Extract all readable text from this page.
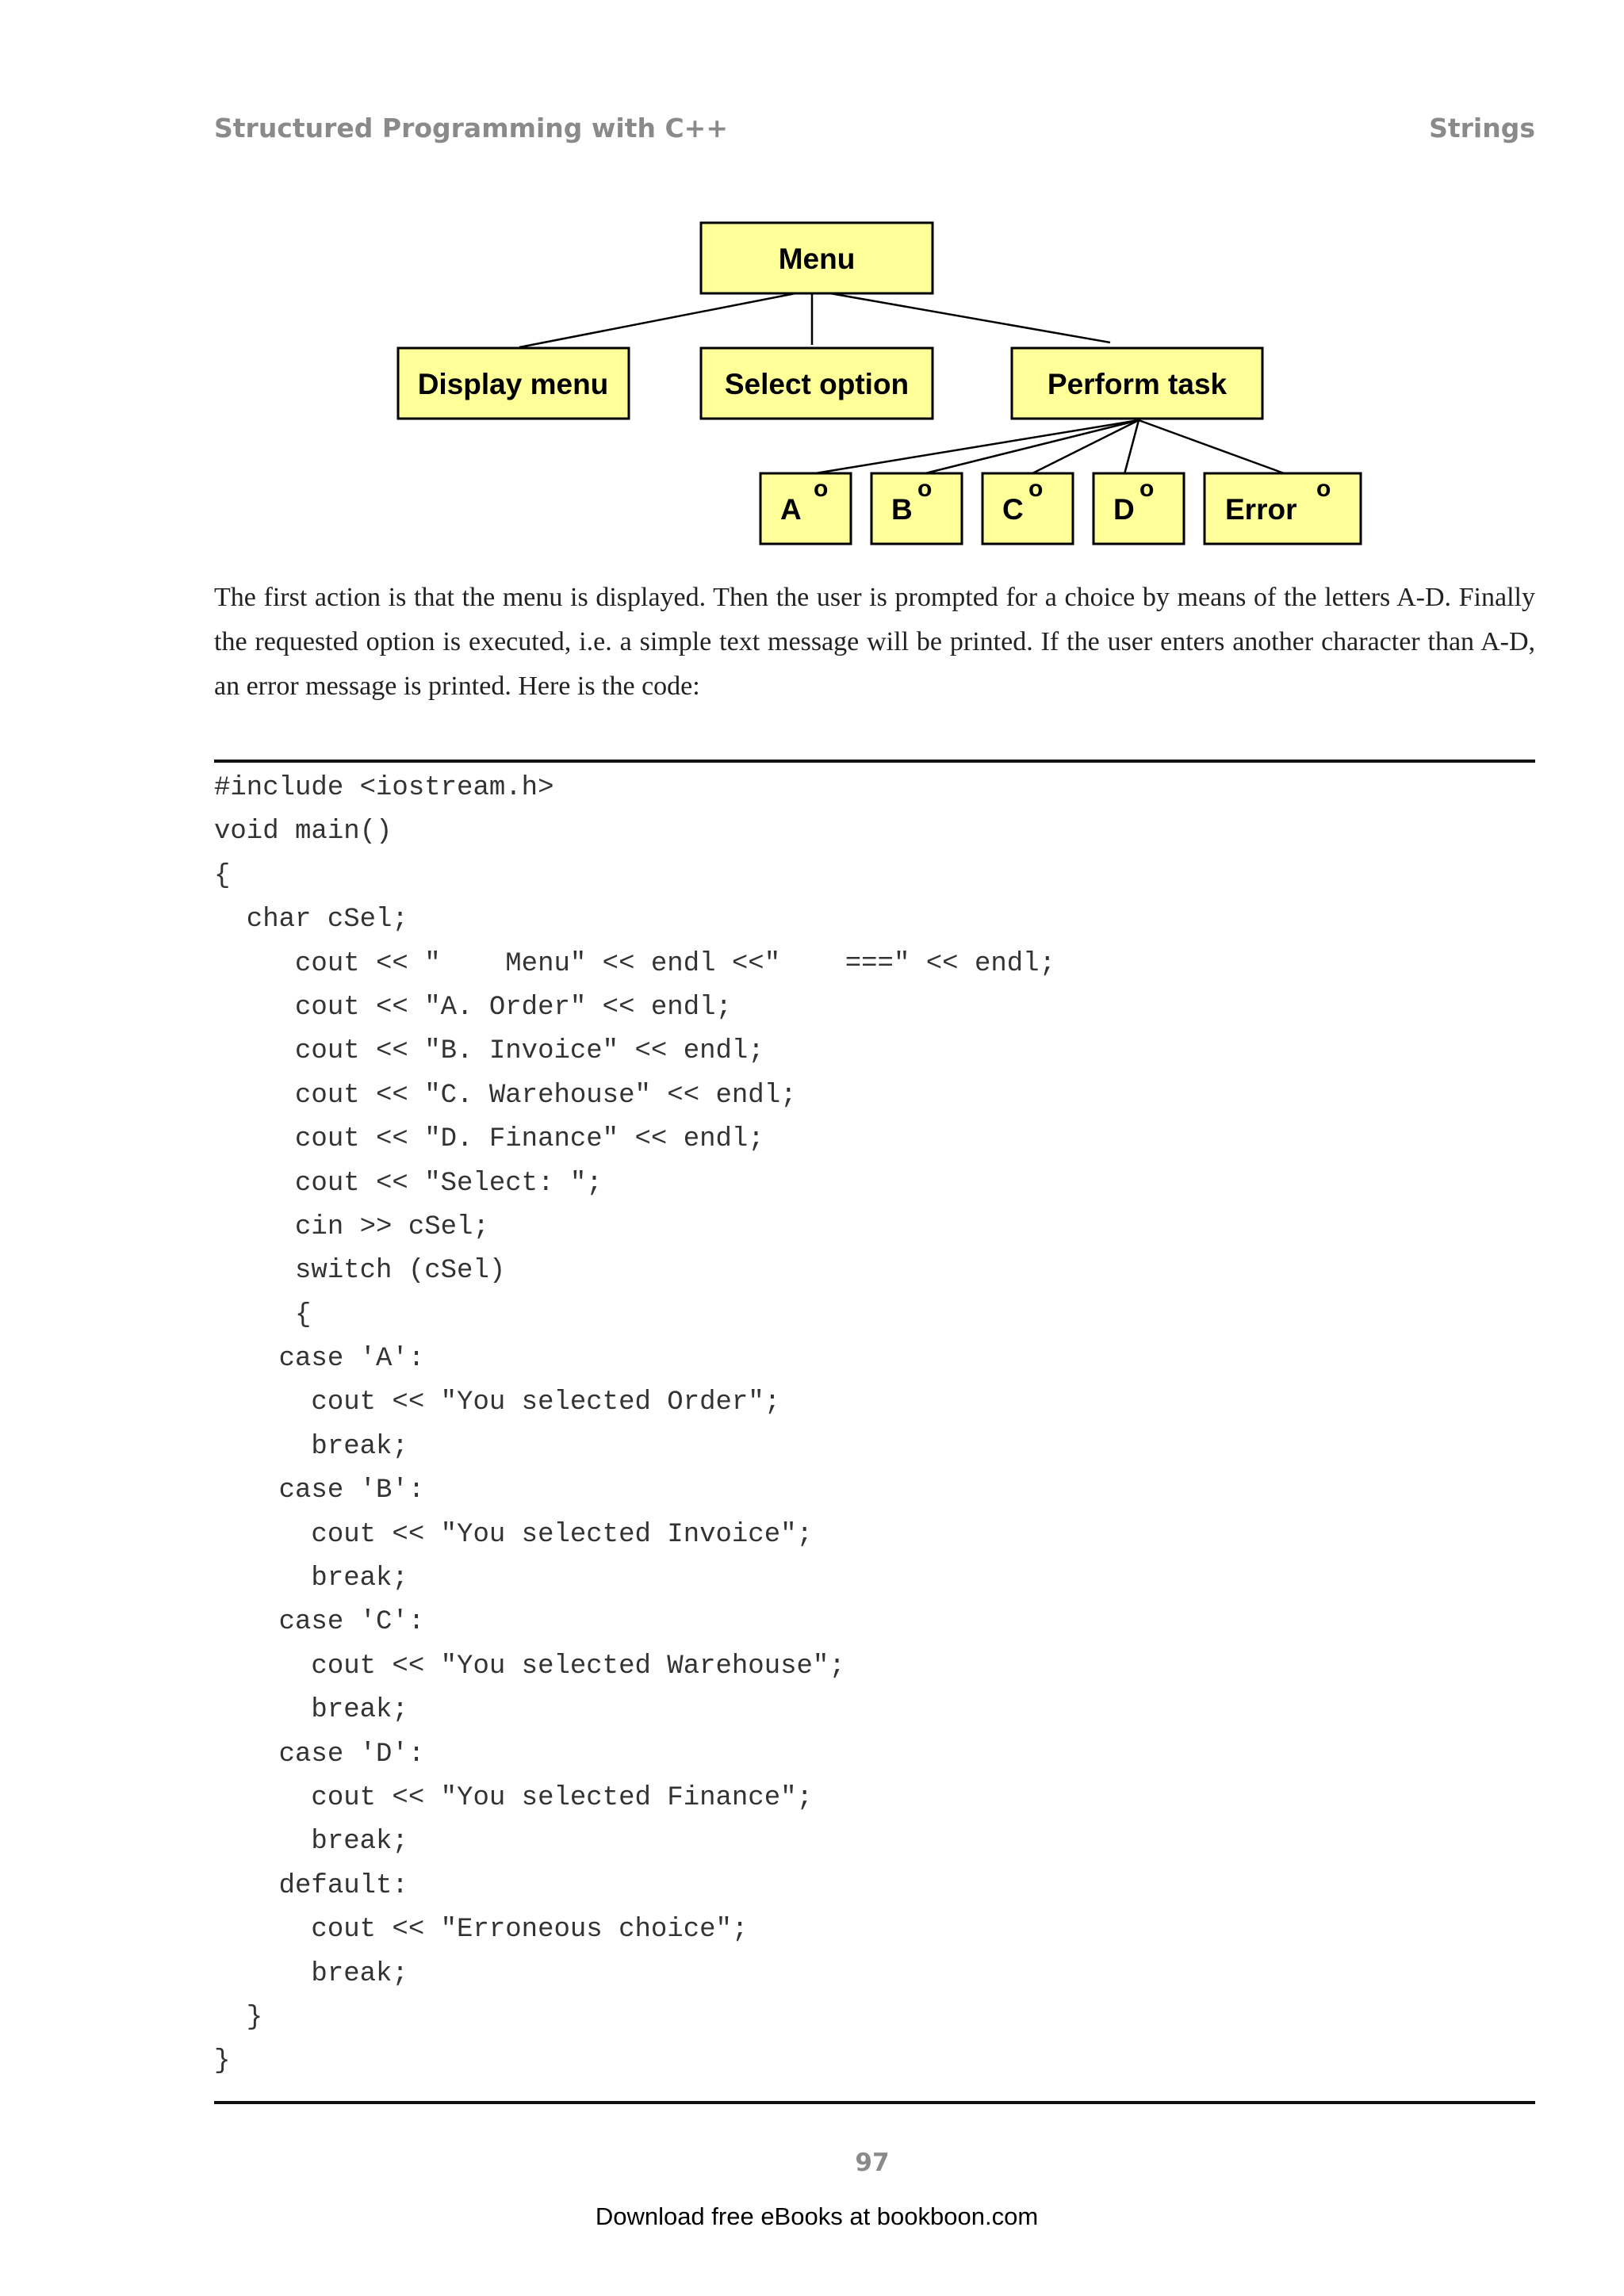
Structured Programming with C++	Strings
Menu
Display menu	Select option	Perform task
A
o
B
o
C
o
D
o
Error
o

The first action is that the menu is displayed. Then the user is prompted for a choice by means of the letters A-D. Finally the requested option is executed, i.e. a simple text message will be printed. If the user enters another character than A-D, an error message is printed. Here is the code:

#include <iostream.h>
void main()
{
char cSel;
cout << "    Menu" << endl <<"    ===" << endl;
cout << "A. Order" << endl;
cout << "B. Invoice" << endl;
cout << "C. Warehouse" << endl;
cout << "D. Finance" << endl;
cout << "Select: ";
cin >> cSel;
switch (cSel)
{
case 'A':
cout << "You selected Order";
break;
case 'B':
cout << "You selected Invoice";
break;
case 'C':
cout << "You selected Warehouse";
break;
case 'D':
cout << "You selected Finance";
break;
default:
cout << "Erroneous choice";
break;
}
}
97
Download free eBooks at bookboon.com
